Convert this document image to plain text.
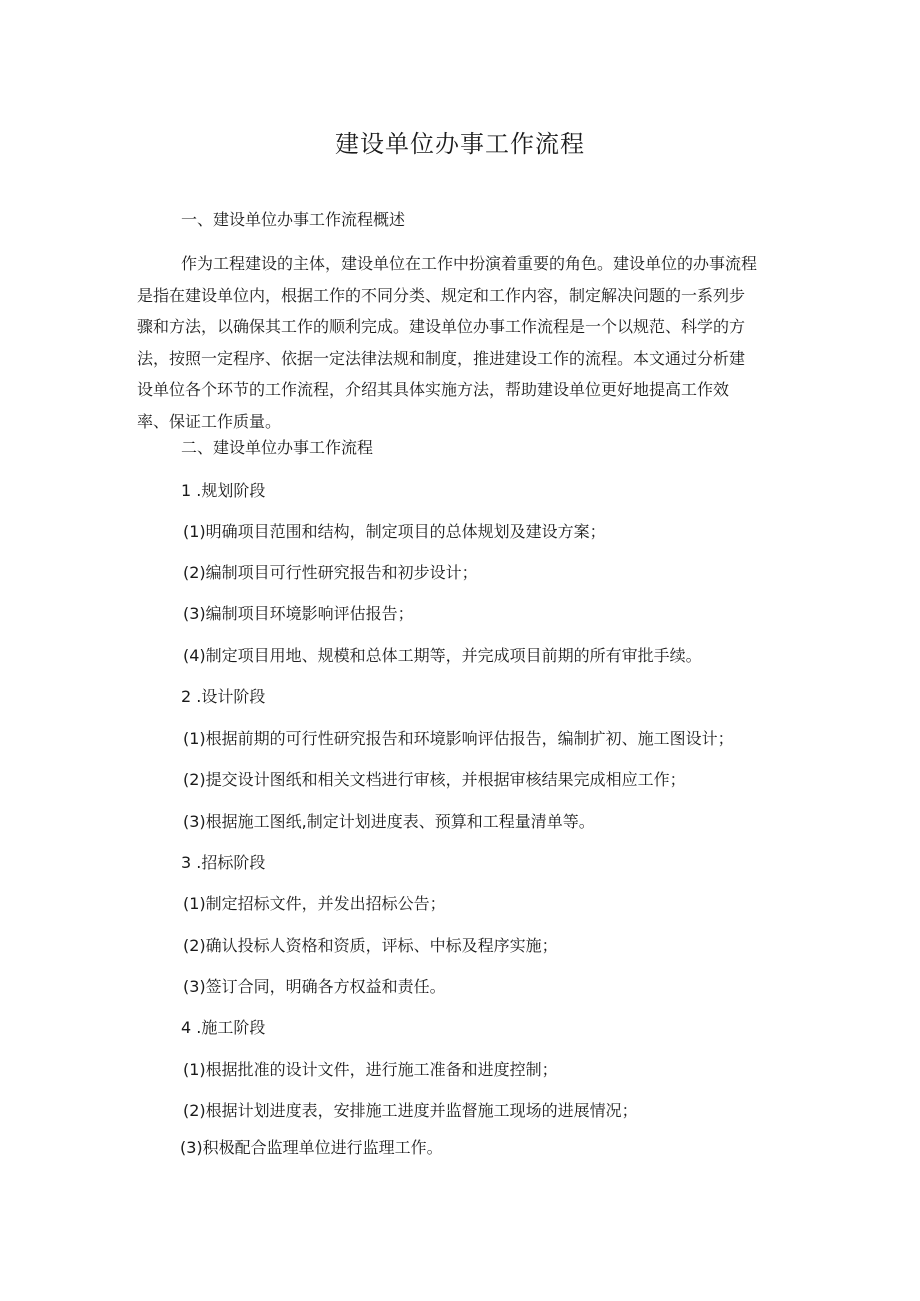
建设单位办事工作流程
一、建设单位办事工作流程概述
作为工程建设的主体，建设单位在工作中扮演着重要的角色。建设单位的办事流程
是指在建设单位内，根据工作的不同分类、规定和工作内容，制定解决问题的一系列步
骤和方法，以确保其工作的顺利完成。建设单位办事工作流程是一个以规范、科学的方
法，按照一定程序、依据一定法律法规和制度，推进建设工作的流程。本文通过分析建
设单位各个环节的工作流程，介绍其具体实施方法，帮助建设单位更好地提高工作效
率、保证工作质量。
二、建设单位办事工作流程
1 .规划阶段
(1)明确项目范围和结构，制定项目的总体规划及建设方案；
(2)编制项目可行性研究报告和初步设计；
(3)编制项目环境影响评估报告；
(4)制定项目用地、规模和总体工期等，并完成项目前期的所有审批手续。
2 .设计阶段
(1)根据前期的可行性研究报告和环境影响评估报告，编制扩初、施工图设计；
(2)提交设计图纸和相关文档进行审核，并根据审核结果完成相应工作；
(3)根据施工图纸,制定计划进度表、预算和工程量清单等。
3 .招标阶段
(1)制定招标文件，并发出招标公告；
(2)确认投标人资格和资质，评标、中标及程序实施；
(3)签订合同，明确各方权益和责任。
4 .施工阶段
(1)根据批准的设计文件，进行施工准备和进度控制；
(2)根据计划进度表，安排施工进度并监督施工现场的进展情况；
(3)积极配合监理单位进行监理工作。
